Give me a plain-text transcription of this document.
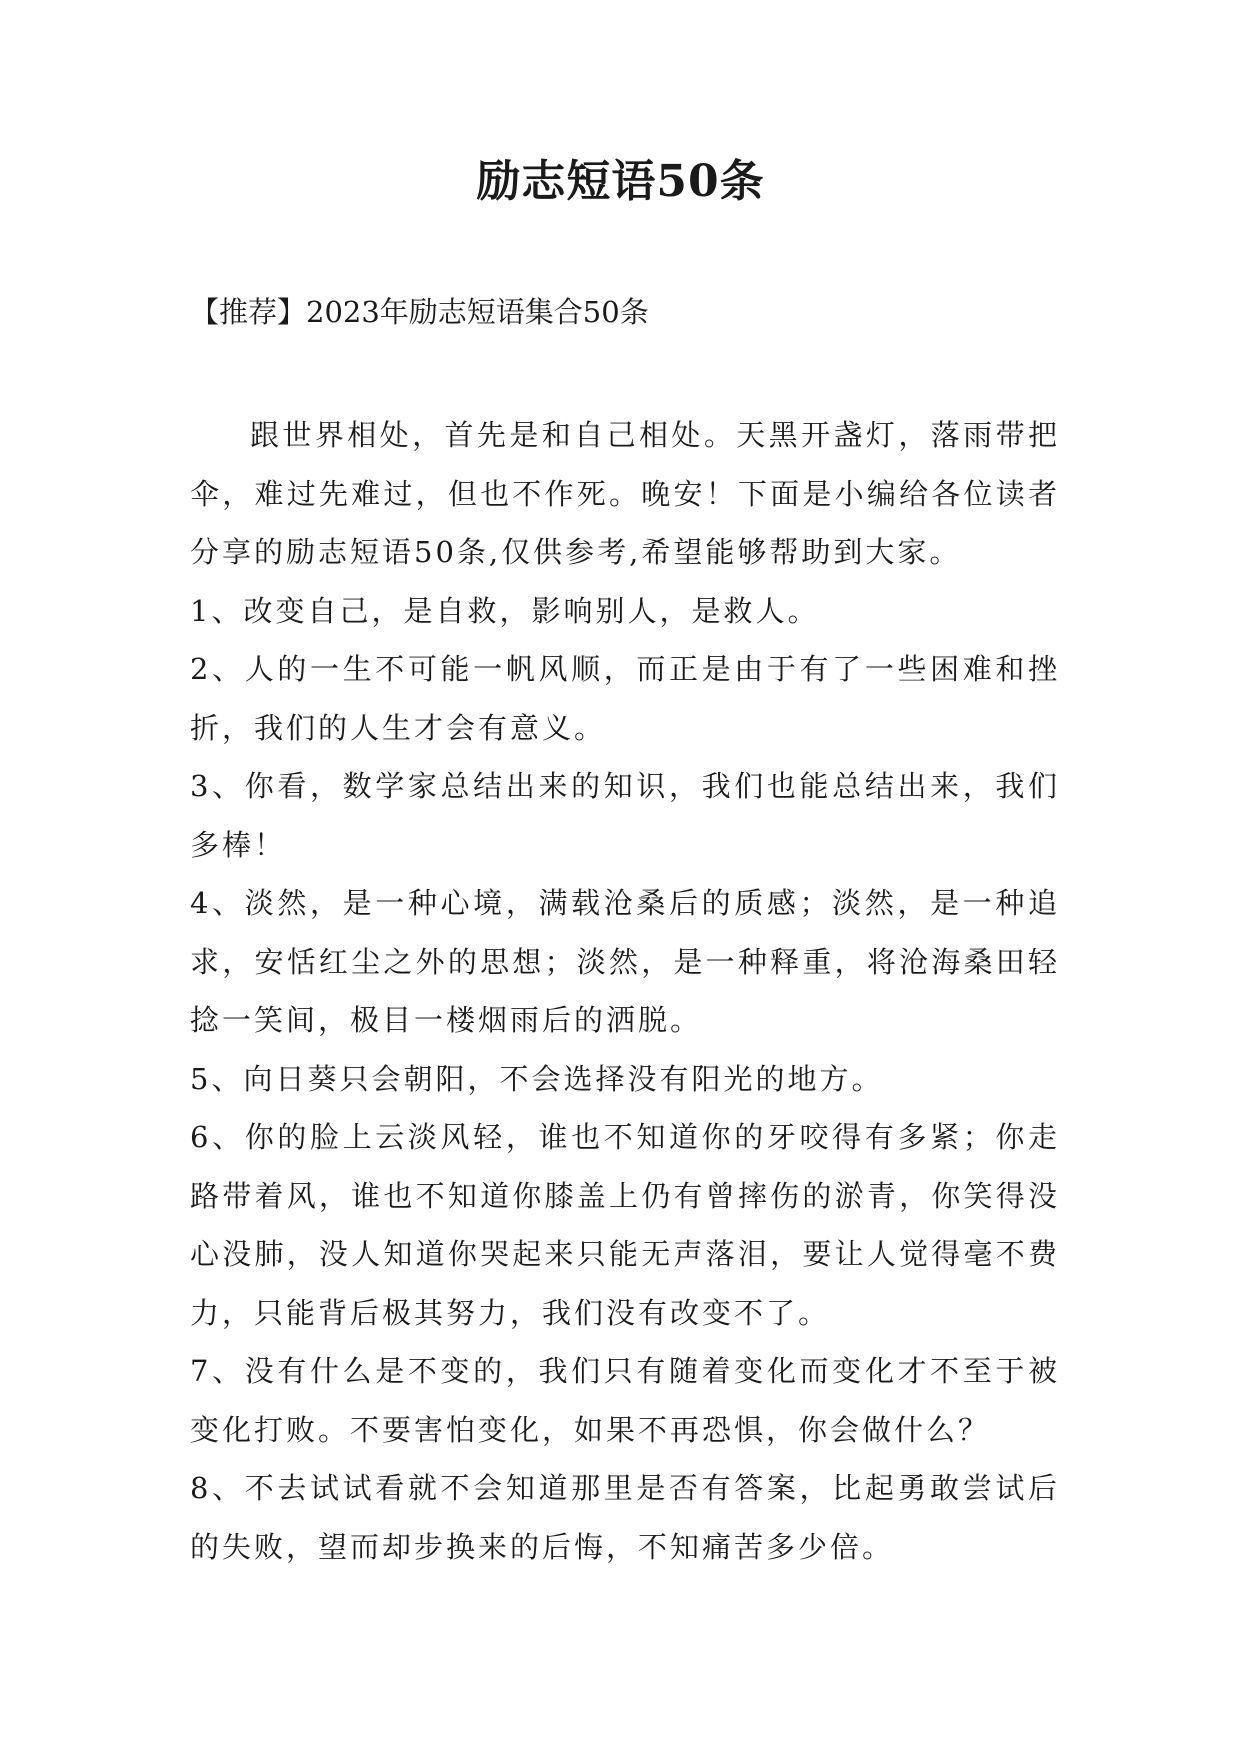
励志短语50条
【推荐】2023年励志短语集合50条

跟世界相处，首先是和自己相处。天黑开盏灯，落雨带把伞，难过先难过，但也不作死。晚安！下面是小编给各位读者分享的励志短语50条,仅供参考,希望能够帮助到大家。

1、改变自己，是自救，影响别人，是救人。

2、人的一生不可能一帆风顺，而正是由于有了一些困难和挫折，我们的人生才会有意义。

3、你看，数学家总结出来的知识，我们也能总结出来，我们多棒！

4、淡然，是一种心境，满载沧桑后的质感；淡然，是一种追求，安恬红尘之外的思想；淡然，是一种释重，将沧海桑田轻捻一笑间，极目一楼烟雨后的洒脱。

5、向日葵只会朝阳，不会选择没有阳光的地方。

6、你的脸上云淡风轻，谁也不知道你的牙咬得有多紧；你走路带着风，谁也不知道你膝盖上仍有曾摔伤的淤青，你笑得没心没肺，没人知道你哭起来只能无声落泪，要让人觉得毫不费力，只能背后极其努力，我们没有改变不了。

7、没有什么是不变的，我们只有随着变化而变化才不至于被变化打败。不要害怕变化，如果不再恐惧，你会做什么？

8、不去试试看就不会知道那里是否有答案，比起勇敢尝试后的失败，望而却步换来的后悔，不知痛苦多少倍。
